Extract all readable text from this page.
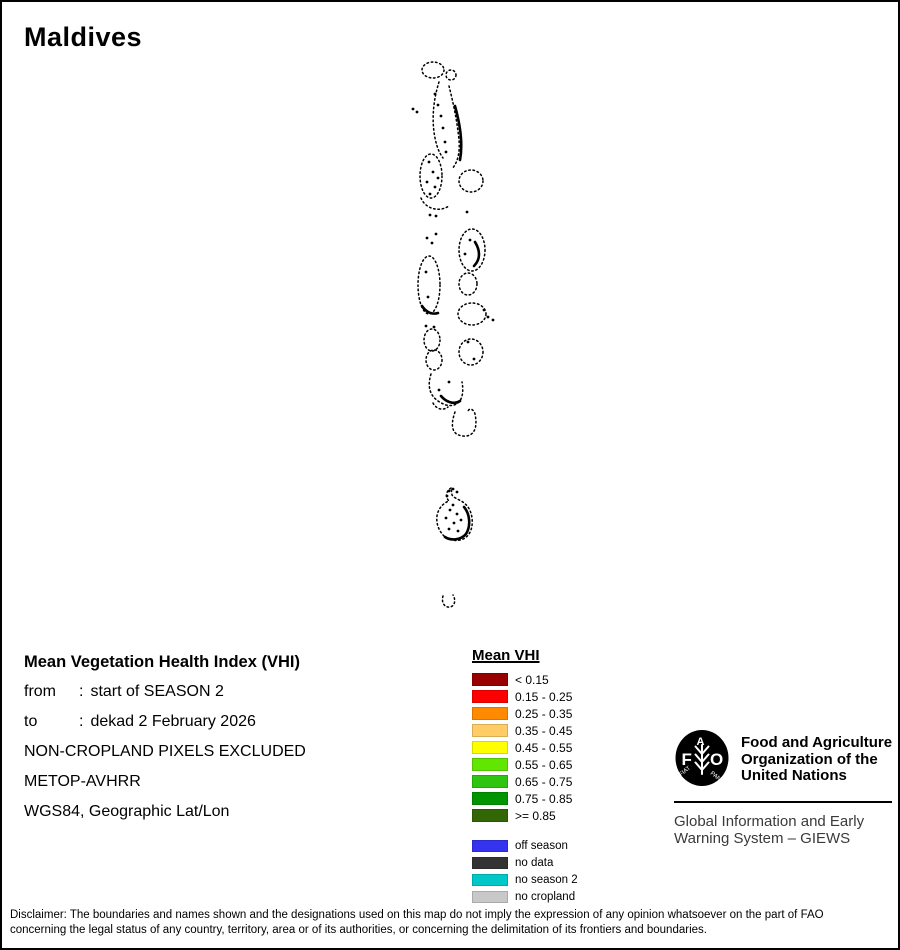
Maldives
Mean Vegetation Health Index (VHI)
from : start of SEASON 2
to	: dekad 2 February 2026
NON-CROPLAND PIXELS EXCLUDED
METOP-AVHRR
WGS84, Geographic Lat/Lon
Mean VHI
< 0.15
0.15 - 0.25
0.25 - 0.35
0.35 - 0.45
0.45 - 0.55
0.55 - 0.65
0.65 - 0.75
0.75 - 0.85
>= 0.85
off season
no data
no season 2
no cropland
F
A
O
FIAT	PANIS
Food and Agriculture
Organization of the
United Nations
Global Information and Early
Warning System – GIEWS
Disclaimer: The boundaries and names shown and the designations used on this map do not imply the expression of any opinion whatsoever on the part of FAO
concerning the legal status of any country, territory, area or of its authorities, or concerning the delimitation of its frontiers and boundaries.
